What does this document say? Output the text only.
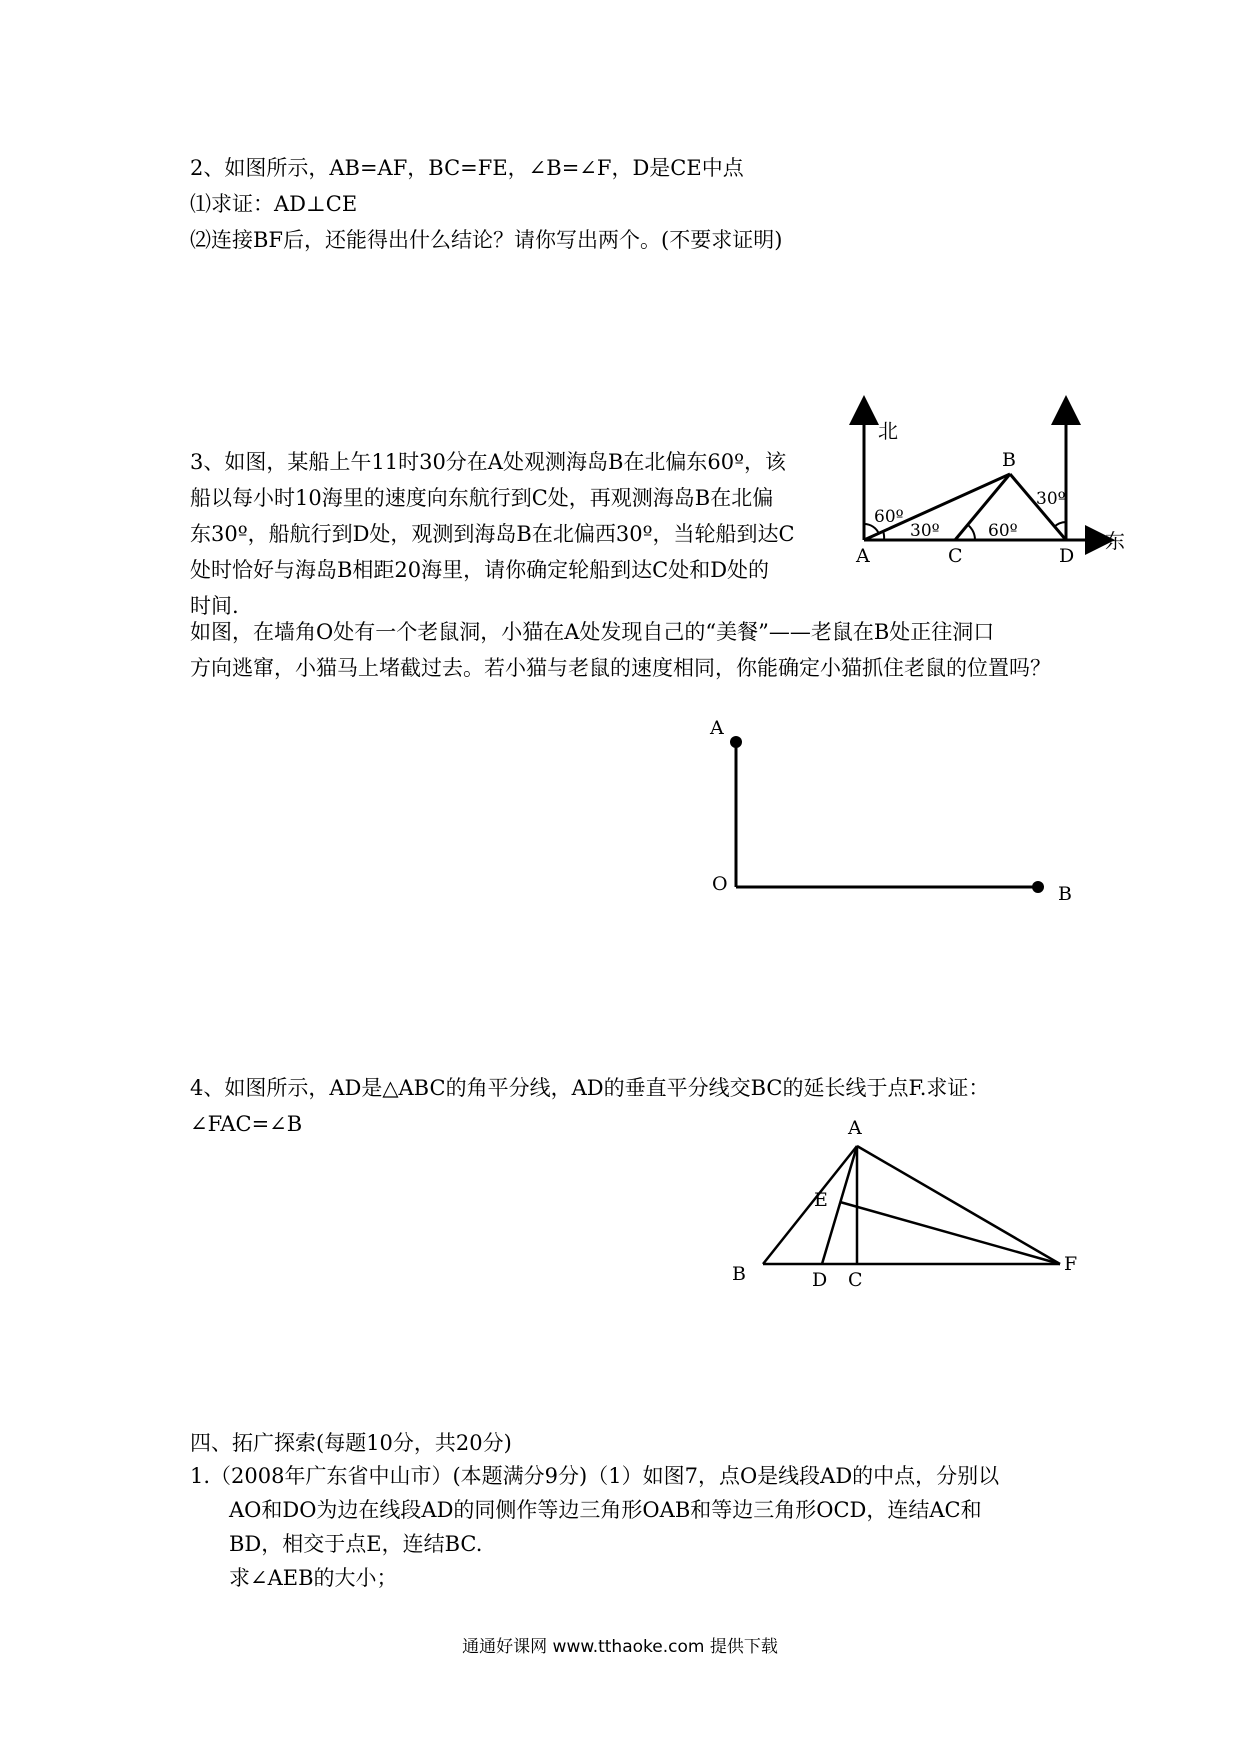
2、如图所示，AB=AF，BC=FE，∠B=∠F，D是CE中点
⑴求证：AD⊥CE
⑵连接BF后，还能得出什么结论？请你写出两个。(不要求证明)
3、如图，某船上午11时30分在A处观测海岛B在北偏东60º，该
船以每小时10海里的速度向东航行到C处，再观测海岛B在北偏
东30º，船航行到D处，观测到海岛B在北偏西30º，当轮船到达C
处时恰好与海岛B相距20海里，请你确定轮船到达C处和D处的
时间.
北
东
B
A	C	D
60º
30º	60º
30º
如图，在墙角O处有一个老鼠洞，小猫在A处发现自己的“美餐”——老鼠在B处正往洞口
方向逃窜，小猫马上堵截过去。若小猫与老鼠的速度相同，你能确定小猫抓住老鼠的位置吗？
A
O	B
4、如图所示，AD是△ABC的角平分线，AD的垂直平分线交BC的延长线于点F.求证：
∠FAC=∠B	A
B	D C
E
F
四、拓广探索(每题10分，共20分)
1.（2008年广东省中山市）(本题满分9分)（1）如图7，点O是线段AD的中点，分别以
AO和DO为边在线段AD的同侧作等边三角形OAB和等边三角形OCD，连结AC和
BD，相交于点E，连结BC.
求∠AEB的大小；
通通好课网 www.tthaoke.com 提供下载
